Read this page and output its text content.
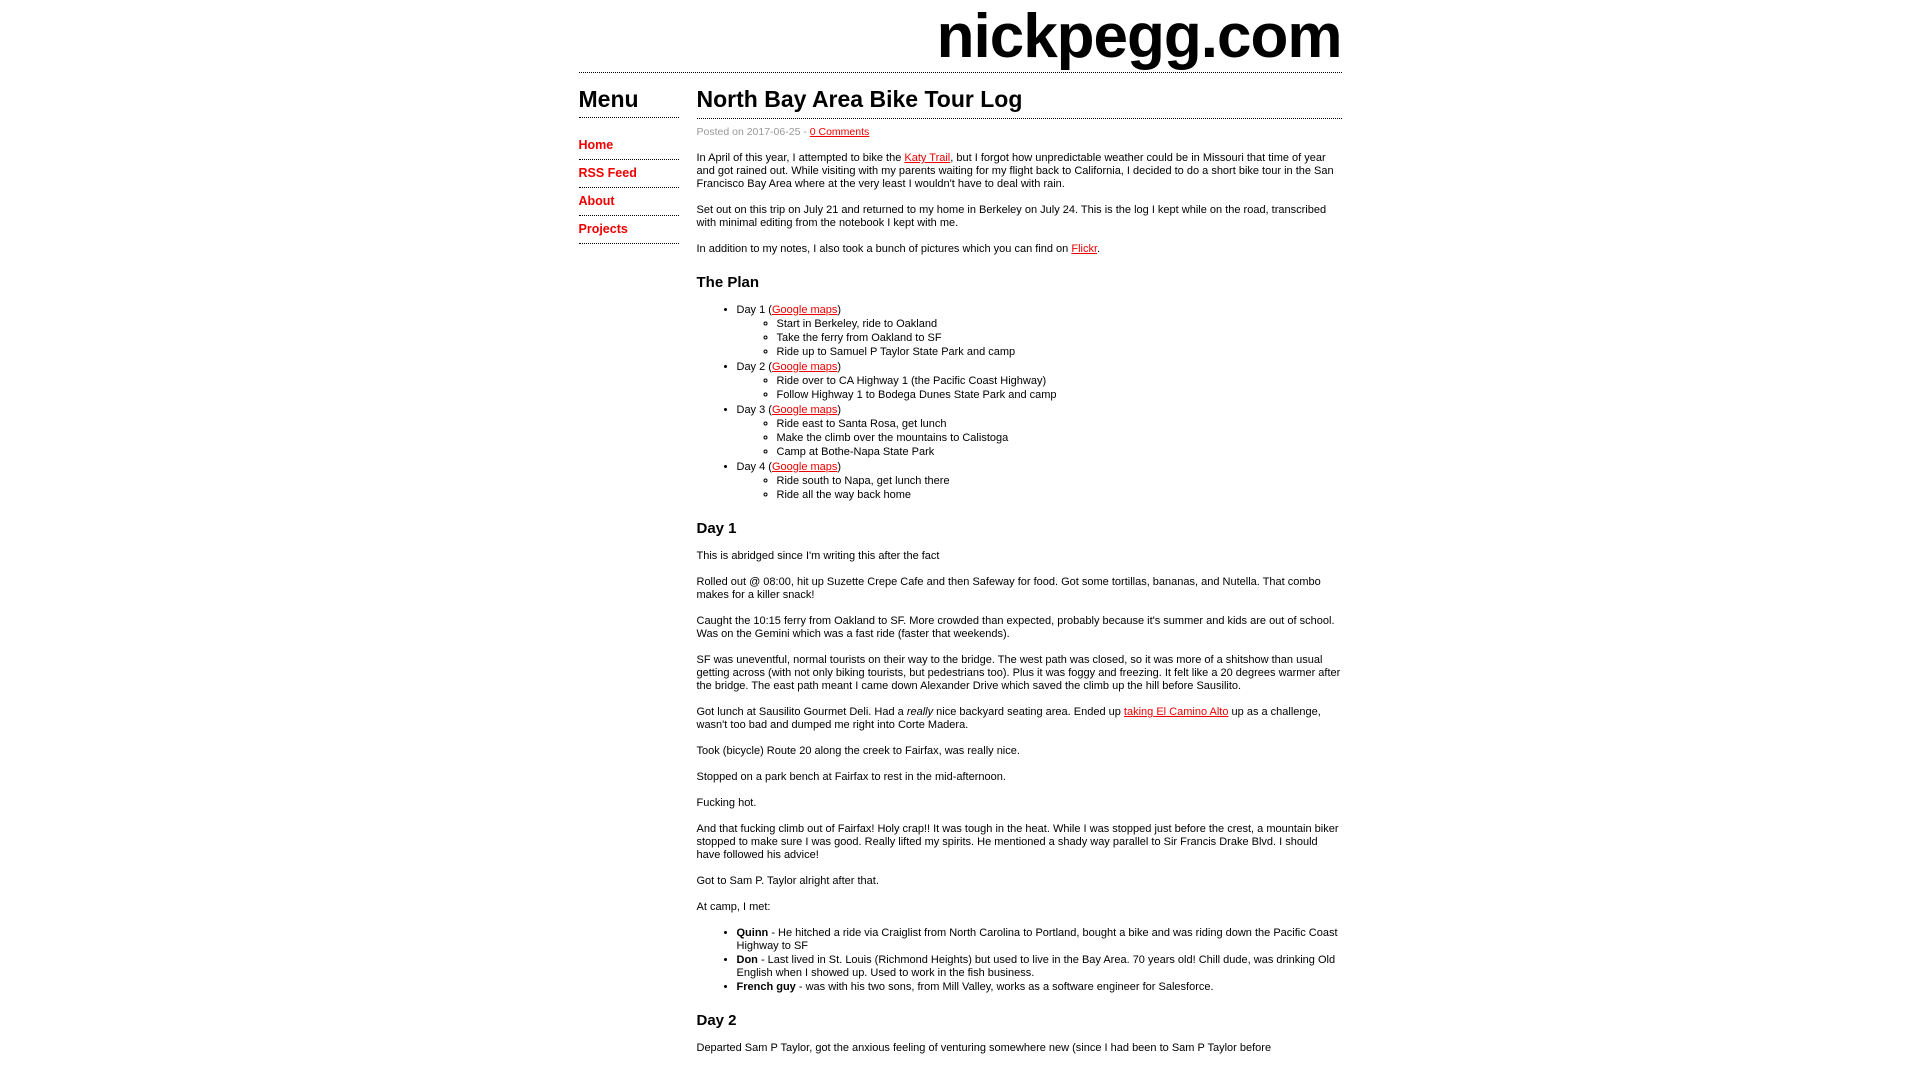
nickpegg.com
Menu
Home
RSS Feed
About
Projects
North Bay Area Bike Tour Log
Posted on 2017-06-25 - 0 Comments

In April of this year, I attempted to bike the Katy Trail, but I forgot how unpredictable weather could be in Missouri that time of year and got rained out. While visiting with my parents waiting for my flight back to California, I decided to do a short bike tour in the San Francisco Bay Area where at the very least I wouldn't have to deal with rain.

Set out on this trip on July 21 and returned to my home in Berkeley on July 24. This is the log I kept while on the road, transcribed with minimal editing from the notebook I kept with me.

In addition to my notes, I also took a bunch of pictures which you can find on Flickr.

The Plan
• Day 1 (Google maps)
◦ Start in Berkeley, ride to Oakland
◦ Take the ferry from Oakland to SF
◦ Ride up to Samuel P Taylor State Park and camp
• Day 2 (Google maps)
◦ Ride over to CA Highway 1 (the Pacific Coast Highway)
◦ Follow Highway 1 to Bodega Dunes State Park and camp
• Day 3 (Google maps)
◦ Ride east to Santa Rosa, get lunch
◦ Make the climb over the mountains to Calistoga
◦ Camp at Bothe-Napa State Park
• Day 4 (Google maps)
◦ Ride south to Napa, get lunch there
◦ Ride all the way back home
Day 1

This is abridged since I'm writing this after the fact

Rolled out @ 08:00, hit up Suzette Crepe Cafe and then Safeway for food. Got some tortillas, bananas, and Nutella. That combo makes for a killer snack!

Caught the 10:15 ferry from Oakland to SF. More crowded than expected, probably because it's summer and kids are out of school. Was on the Gemini which was a fast ride (faster that weekends).

SF was uneventful, normal tourists on their way to the bridge. The west path was closed, so it was more of a shitshow than usual getting across (with not only biking tourists, but pedestrians too). Plus it was foggy and freezing. It felt like a 20 degrees warmer after the bridge. The east path meant I came down Alexander Drive which saved the climb up the hill before Sausilito.

Got lunch at Sausilito Gourmet Deli. Had a really nice backyard seating area. Ended up taking El Camino Alto up as a challenge, wasn't too bad and dumped me right into Corte Madera.

Took (bicycle) Route 20 along the creek to Fairfax, was really nice.

Stopped on a park bench at Fairfax to rest in the mid-afternoon.

Fucking hot.

And that fucking climb out of Fairfax! Holy crap!! It was tough in the heat. While I was stopped just before the crest, a mountain biker stopped to make sure I was good. Really lifted my spirits. He mentioned a shady way parallel to Sir Francis Drake Blvd. I should have followed his advice!

Got to Sam P. Taylor alright after that.

At camp, I met:

• Quinn - He hitched a ride via Craiglist from North Carolina to Portland, bought a bike and was riding down the Pacific Coast Highway to SF
• Don - Last lived in St. Louis (Richmond Heights) but used to live in the Bay Area. 70 years old! Chill dude, was drinking Old English when I showed up. Used to work in the fish business.
• French guy - was with his two sons, from Mill Valley, works as a software engineer for Salesforce.
Day 2

Departed Sam P Taylor, got the anxious feeling of venturing somewhere new (since I had been to Sam P Taylor before
